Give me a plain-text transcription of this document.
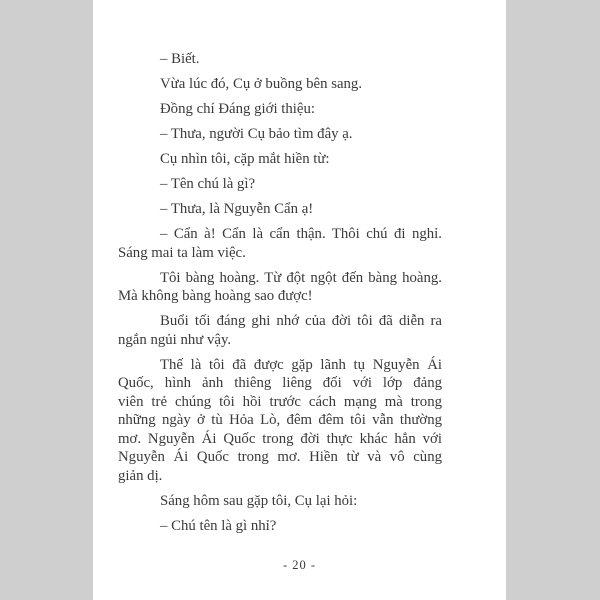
– Biết.

Vừa lúc đó, Cụ ở buồng bên sang.

Đồng chí Đáng giới thiệu:

– Thưa, người Cụ bảo tìm đây ạ.

Cụ nhìn tôi, cặp mắt hiền từ:

– Tên chú là gì?

– Thưa, là Nguyễn Cẩn ạ!

– Cẩn à! Cẩn là cẩn thận. Thôi chú đi nghỉ.
Sáng mai ta làm việc.

Tôi bàng hoàng. Từ đột ngột đến bàng hoàng.
Mà không bàng hoàng sao được!

Buổi tối đáng ghi nhớ của đời tôi đã diễn ra
ngắn ngủi như vậy.

Thế là tôi đã được gặp lãnh tụ Nguyễn Ái
Quốc, hình ảnh thiêng liêng đối với lớp đảng
viên trẻ chúng tôi hồi trước cách mạng mà trong
những ngày ở tù Hỏa Lò, đêm đêm tôi vẫn thường
mơ. Nguyễn Ái Quốc trong đời thực khác hẳn với
Nguyễn Ái Quốc trong mơ. Hiền từ và vô cùng
giản dị.

Sáng hôm sau gặp tôi, Cụ lại hỏi:

– Chú tên là gì nhỉ?

- 20 -
